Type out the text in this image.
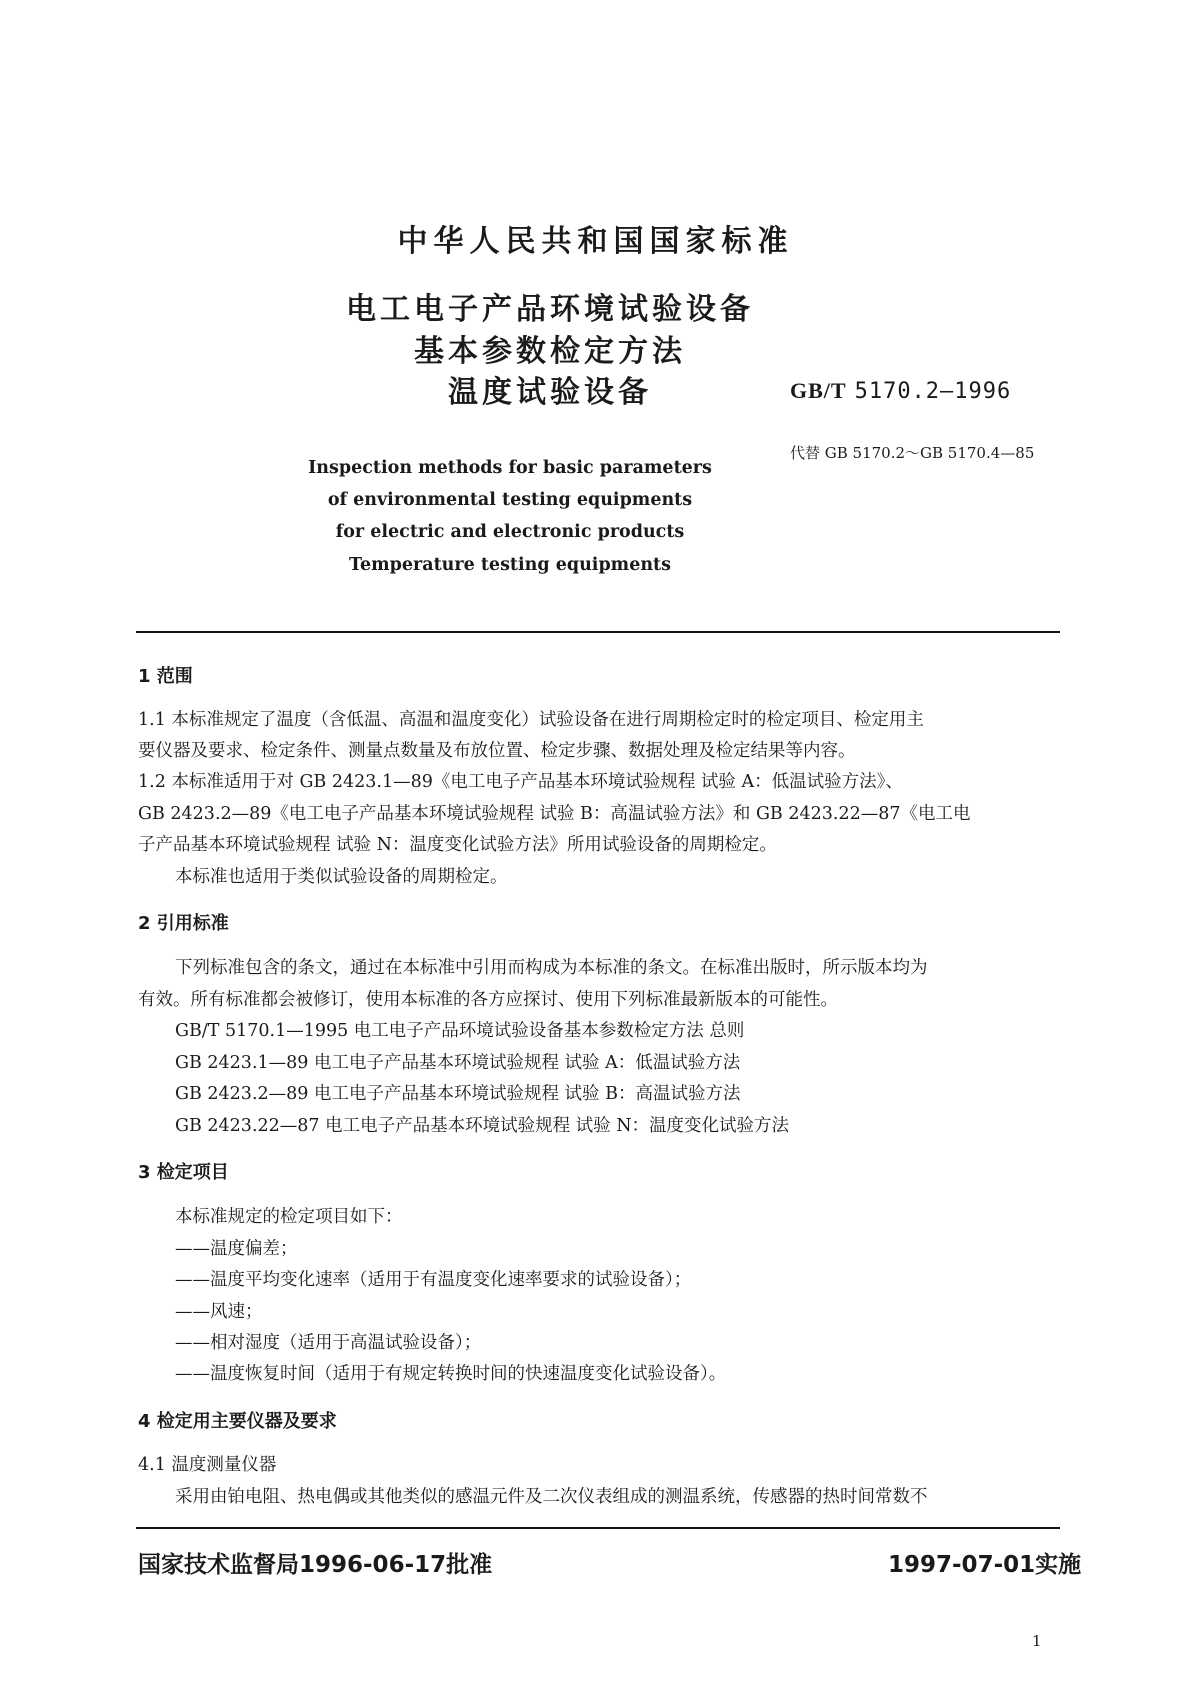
中华人民共和国国家标准
电工电子产品环境试验设备
基本参数检定方法
温度试验设备	GB/T 5170.2—1996
代替 GB 5170.2～GB 5170.4—85
Inspection methods for basic parameters
of environmental testing equipments
for electric and electronic products
Temperature testing equipments
1 范围
1.1 本标准规定了温度（含低温、高温和温度变化）试验设备在进行周期检定时的检定项目、检定用主
要仪器及要求、检定条件、测量点数量及布放位置、检定步骤、数据处理及检定结果等内容。
1.2 本标准适用于对 GB 2423.1—89《电工电子产品基本环境试验规程 试验 A：低温试验方法》、
GB 2423.2—89《电工电子产品基本环境试验规程 试验 B：高温试验方法》和 GB 2423.22—87《电工电
子产品基本环境试验规程 试验 N：温度变化试验方法》所用试验设备的周期检定。
本标准也适用于类似试验设备的周期检定。
2 引用标准
下列标准包含的条文，通过在本标准中引用而构成为本标准的条文。在标准出版时，所示版本均为
有效。所有标准都会被修订，使用本标准的各方应探讨、使用下列标准最新版本的可能性。
GB/T 5170.1—1995 电工电子产品环境试验设备基本参数检定方法 总则
GB 2423.1—89 电工电子产品基本环境试验规程 试验 A：低温试验方法
GB 2423.2—89 电工电子产品基本环境试验规程 试验 B：高温试验方法
GB 2423.22—87 电工电子产品基本环境试验规程 试验 N：温度变化试验方法
3 检定项目
本标准规定的检定项目如下：
——温度偏差；
——温度平均变化速率（适用于有温度变化速率要求的试验设备）；
——风速；
——相对湿度（适用于高温试验设备）；
——温度恢复时间（适用于有规定转换时间的快速温度变化试验设备）。
4 检定用主要仪器及要求
4.1 温度测量仪器
采用由铂电阻、热电偶或其他类似的感温元件及二次仪表组成的测温系统，传感器的热时间常数不
国家技术监督局1996-06-17批准	1997-07-01实施
1
